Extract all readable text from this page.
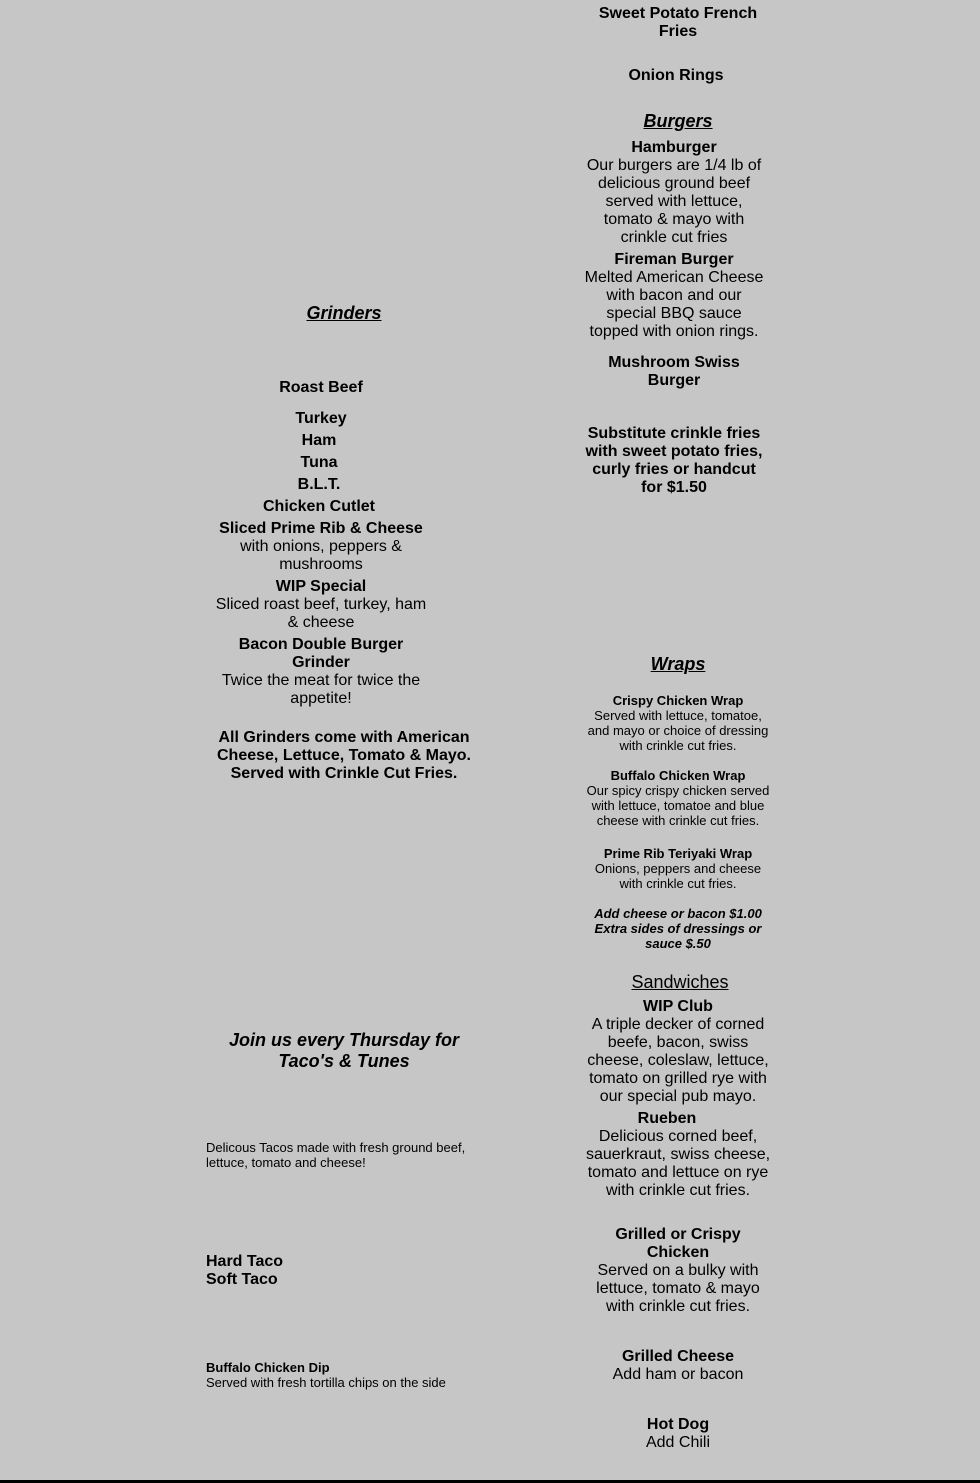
Sweet Potato French Fries
Onion Rings
Burgers
Hamburger
Our burgers are 1/4 lb of delicious ground beef served with lettuce, tomato & mayo with crinkle cut fries
Fireman Burger
Melted American Cheese with bacon and our special BBQ sauce topped with onion rings.
Mushroom Swiss Burger
Substitute crinkle fries with sweet potato fries, curly fries or handcut for $1.50
Grinders
Roast Beef
Turkey
Ham
Tuna
B.L.T.
Chicken Cutlet
Sliced Prime Rib & Cheese
with onions, peppers & mushrooms
WIP Special
Sliced roast beef, turkey, ham & cheese
Bacon Double Burger Grinder
Twice the meat for twice the appetite!
All Grinders come with American Cheese, Lettuce, Tomato & Mayo. Served with Crinkle Cut Fries.
Wraps
Crispy Chicken Wrap
Served with lettuce, tomatoe, and mayo or choice of dressing with crinkle cut fries.
Buffalo Chicken Wrap
Our spicy crispy chicken served with lettuce, tomatoe and blue cheese with crinkle cut fries.
Prime Rib Teriyaki Wrap
Onions, peppers and cheese with crinkle cut fries.
Add cheese or bacon $1.00 Extra sides of dressings or sauce $.50
Sandwiches
WIP Club
A triple decker of corned beefe, bacon, swiss cheese, coleslaw, lettuce, tomato on grilled rye with our special pub mayo.
Rueben
Delicious corned beef, sauerkraut, swiss cheese, tomato and lettuce on rye with crinkle cut fries.
Grilled or Crispy Chicken
Served on a bulky with lettuce, tomato & mayo with crinkle cut fries.
Grilled Cheese
Add ham or bacon
Hot Dog
Add Chili
Join us every Thursday for Taco's & Tunes
Delicous Tacos made with fresh ground beef, lettuce, tomato and cheese!
Hard Taco
Soft Taco
Buffalo Chicken Dip
Served with fresh tortilla chips on the side
